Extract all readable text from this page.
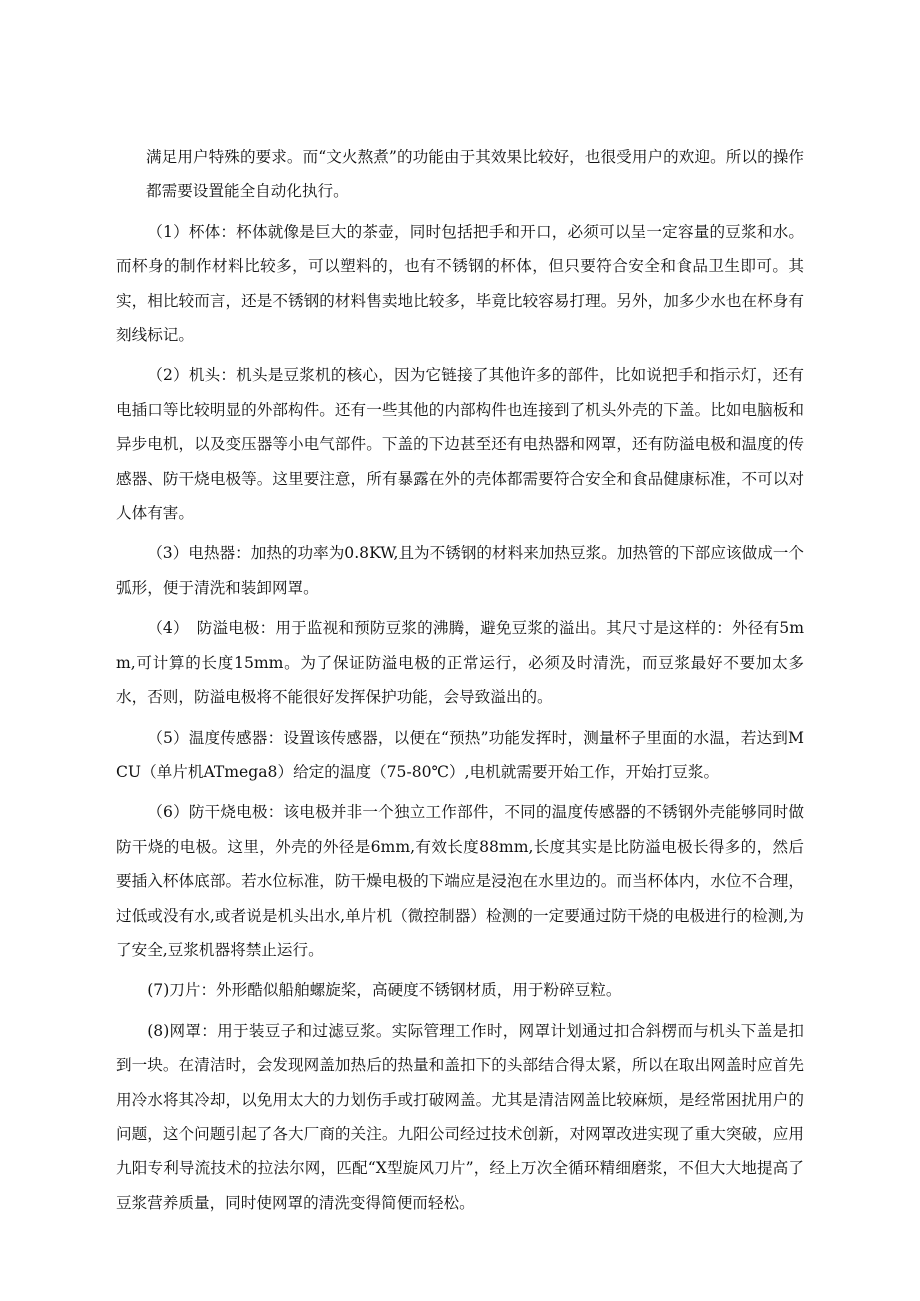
满足用户特殊的要求。而“文火熬煮”的功能由于其效果比较好，也很受用户的欢迎。所以的操作都需要设置能全自动化执行。

（1）杯体：杯体就像是巨大的茶壶，同时包括把手和开口，必须可以呈一定容量的豆浆和水。而杯身的制作材料比较多，可以塑料的，也有不锈钢的杯体，但只要符合安全和食品卫生即可。其实，相比较而言，还是不锈钢的材料售卖地比较多，毕竟比较容易打理。另外，加多少水也在杯身有刻线标记。

（2）机头：机头是豆浆机的核心，因为它链接了其他许多的部件，比如说把手和指示灯，还有电插口等比较明显的外部构件。还有一些其他的内部构件也连接到了机头外壳的下盖。比如电脑板和异步电机，以及变压器等小电气部件。下盖的下边甚至还有电热器和网罩，还有防溢电极和温度的传感器、防干烧电极等。这里要注意，所有暴露在外的壳体都需要符合安全和食品健康标准，不可以对人体有害。

（3）电热器：加热的功率为0.8KW,且为不锈钢的材料来加热豆浆。加热管的下部应该做成一个弧形，便于清洗和装卸网罩。

（4）　防溢电极：用于监视和预防豆浆的沸腾，避免豆浆的溢出。其尺寸是这样的：外径有5mm,可计算的长度15mm。为了保证防溢电极的正常运行，必须及时清洗，而豆浆最好不要加太多水，否则，防溢电极将不能很好发挥保护功能，会导致溢出的。

（5）温度传感器：设置该传感器，以便在“预热”功能发挥时，测量杯子里面的水温，若达到MCU（单片机ATmega8）给定的温度（75-80℃）,电机就需要开始工作，开始打豆浆。

（6）防干烧电极：该电极并非一个独立工作部件，不同的温度传感器的不锈钢外壳能够同时做防干烧的电极。这里，外壳的外径是6mm,有效长度88mm,长度其实是比防溢电极长得多的，然后要插入杯体底部。若水位标准，防干燥电极的下端应是浸泡在水里边的。而当杯体内，水位不合理，过低或没有水,或者说是机头出水,单片机（微控制器）检测的一定要通过防干烧的电极进行的检测,为了安全,豆浆机器将禁止运行。

(7)刀片：外形酷似船舶螺旋桨，高硬度不锈钢材质，用于粉碎豆粒。

(8)网罩：用于装豆子和过滤豆浆。实际管理工作时，网罩计划通过扣合斜楞而与机头下盖是扣到一块。在清洁时，会发现网盖加热后的热量和盖扣下的头部结合得太紧，所以在取出网盖时应首先用冷水将其冷却，以免用太大的力划伤手或打破网盖。尤其是清洁网盖比较麻烦，是经常困扰用户的问题，这个问题引起了各大厂商的关注。九阳公司经过技术创新，对网罩改进实现了重大突破，应用九阳专利导流技术的拉法尔网，匹配“X型旋风刀片”，经上万次全循环精细磨浆，不但大大地提高了豆浆营养质量，同时使网罩的清洗变得简便而轻松。
